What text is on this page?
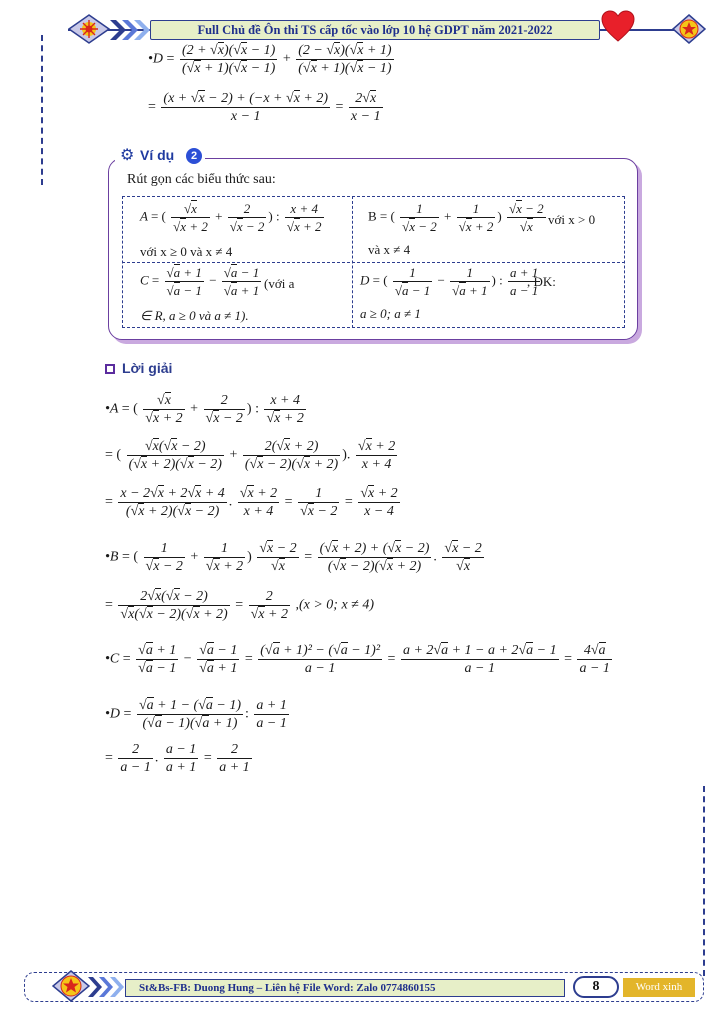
Full Chủ đề Ôn thi TS cấp tốc vào lớp 10 hệ GDPT năm 2021-2022
•D = $\frac{(2 + √ x)( √ x - 1)}{( √ x + 1)( √ x - 1)} + \frac{(2 - √ x)( √ x + 1)}{( √ x + 1)( √ x - 1)}$
= $\frac{(x + √ x - 2) + (-x + √ x + 2)}{x - 1} = \frac{2 √ x}{x - 1}$
⚙ Ví dụ	2
Rút gọn các biểu thức sau:
A = ( √ x
√ x + 2 + 2
√ x − 2 ) : x + 4
√ x + 2
với x ≥ 0 và x ≠ 4
B = ( 1
√ x − 2 + 1
√ x + 2 ) √ x − 2
√ x với x > 0
và x ≠ 4
C = √ a + 1
√ a − 1 − √ a − 1
√ a + 1 (với a
∈ R, a ≥ 0 và a ≠ 1).
D = ( 1
√ a − 1 − 1
√ a + 1 ) : $\frac{a + 1}{a - 1}$
, ĐK:
a ≥ 0; a ≠ 1
Lời giải
•A = ( √ x
√ x + 2 + 2
√ x − 2 ) : x + 4
√ x + 2
= ( √ $\frac{x( √ x - 2)}{( √ x + 2)( √ x - 2)} + \frac{2( √ x + 2)}{( √ x - 2)( √ x + 2)}$ ). √ $\frac{x + 2}{x + 4}$
= $\frac{x - 2 √ x + 2 √ x + 4}{( √ x + 2)( √ x - 2)}$ . √ $\frac{x + 2}{x + 4} = 1$
√ x − 2 = √ $\frac{x + 2}{x - 4}$
•B = ( 1
√ x − 2 + 1
√ x + 2 ) √ x − 2
√ $x = \frac{( √ x + 2) + ( √ x - 2)}{( √ x - 2)( √ x + 2)}$ . √ x − 2
√ x
= 2 √ x( √ x − 2)
√ x( √ x − 2)( √ x + 2) = 2
√ x + 2 ,(x > 0; x ≠ 4)
•C = √ a + 1
√ a − 1 − √ a − 1
√ $a + 1 = \frac{\text{( √ a + 1)² − ( √ a − 1)²}}{a - 1} = \frac{a + 2 √ a + 1 - a + 2 √ a - 1}{a - 1} = \frac{4 √ a}{a - 1}$
•D = √ $\frac{a + 1 - ( √ a - 1)}{( √ a - 1)( √ a + 1)}$ : $\frac{a + 1}{a - 1}$
= $\frac{2}{a - 1}$ . $\frac{a - 1}{a + 1} = \frac{2}{a + 1}$
St&Bs-FB: Duong Hung – Liên hệ File Word: Zalo 0774860155	8	Word xinh
